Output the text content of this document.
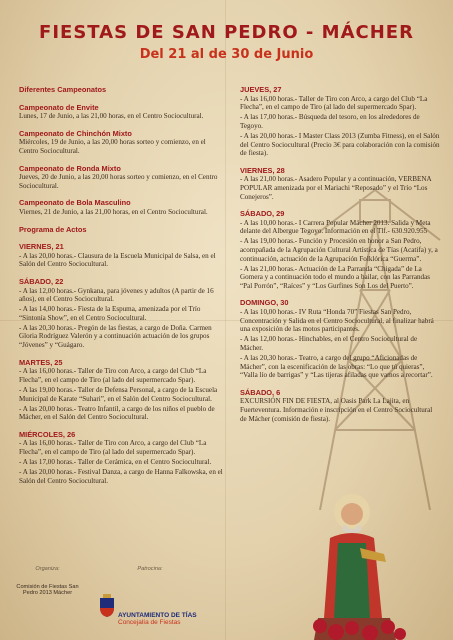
FIESTAS DE SAN PEDRO - MÁCHER
Del 21 al de 30 de Junio
Diferentes Campeonatos
Campeonato de Envite

Lunes, 17 de Junio, a las 21,00 horas, en el Centro Sociocultural.

Campeonato de Chinchón Mixto

Miércoles, 19 de Junio, a las 20,00 horas sorteo y comienzo, en el Centro Sociocultural.

Campeonato de Ronda Mixto

Jueves, 20 de Junio, a las 20,00 horas sorteo y comienzo, en el Centro Sociocultural.

Campeonato de Bola Masculino

Viernes, 21 de Junio, a las 21,00 horas, en el Centro Sociocultural.

Programa de Actos
VIERNES, 21

- A las 20,00 horas.- Clausura de la Escuela Municipal de Salsa, en el Salón del Centro Sociocultural.

SÁBADO, 22

- A las 12,00 horas.- Gynkana, para jóvenes y adultos (A partir de 16 años), en el Centro Sociocultural.

- A las 14,00 horas.- Fiesta de la Espuma, amenizada por el Trío “Sintonía Show”, en el Centro Sociocultural.

- A las 20,30 horas.- Pregón de las fiestas, a cargo de Doña. Carmen Gloria Rodríguez Valerón y a continuación actuación de los grupos “Jóvenes” y “Guágaro.

MARTES, 25

- A las 16,00 horas.- Taller de Tiro con Arco, a cargo del Club “La Flecha”, en el campo de Tiro (al lado del supermercado Spar).

- A las 19,00 horas.- Taller de Defensa Personal, a cargo de la Escuela Municipal de Karate “Suhari”, en el Salón del Centro Sociocultural.

- A las 20,00 horas.- Teatro Infantil, a cargo de los niños el pueblo de Mácher, en el Salón del Centro Sociocultural.

MIÉRCOLES, 26

- A las 16,00 horas.- Taller de Tiro con Arco, a cargo del Club “La Flecha”, en el campo de Tiro (al lado del supermercado Spar).

- A las 17,00 horas.- Taller de Cerámica, en el Centro Sociocultural.

- A las 20,00 horas.- Festival Danza, a cargo de Hanna Falkowska, en el Salón del Centro Sociocultural.

JUEVES, 27

- A las 16,00 horas.- Taller de Tiro con Arco, a cargo del Club “La Flecha”, en el campo de Tiro (al lado del supermercado Spar).

- A las 17,00 horas.- Búsqueda del tesoro, en los alrededores de Tegoyo.

- A las 20,00 horas.- I Master Class 2013 (Zumba Fitness), en el Salón del Centro Sociocultural (Precio 3€ para colaboración con la comisión de fiesta).

VIERNES, 28

- A las 21,00 horas.- Asadero Popular y a continuación, VERBENA POPULAR amenizada por el Mariachi “Reposado” y el Trío “Los Conejeros”.

SÁBADO, 29

- A las 10,00 horas.- I Carrera Popular Mácher 2013. Salida y Meta delante del Albergue Tegoyo. Información en el Tlf.- 630.920.955

- A las 19,00 horas.- Función y Procesión en honor a San Pedro, acompañada de la Agrupación Cultural Artística de Tías (Acatifa) y, a continuación, actuación de la Agrupación Folklórica “Guerma”.

- A las 21,00 horas.- Actuación de La Parranda “Chigada” de La Gomera y a continuación todo el mundo a bailar, con las Parrandas “Pal Porrón”, “Raíces” y “Los Gurfines Son Los del Puerto”.

DOMINGO, 30

- A las 10,00 horas.- IV Ruta “Honda 70” Fiestas San Pedro, Concentración y Salida en el Centro Sociocultural, al finalizar habrá una exposición de las motos participantes.

- A las 12,00 horas.- Hinchables, en el Centro Sociocultural de Mácher.

- A las 20,30 horas.- Teatro, a cargo del grupo “Aficionadas de Mácher”, con la escenificación de las obras: “Lo que tú quieras”, “Valla lío de barrigas” y “Las tijeras afiladas que vamos a recortar”.

SÁBADO, 6

EXCURSIÓN FIN DE FIESTA, al Oasis Park La Lajita, en Fuerteventura. Información e inscripción en el Centro Sociocultural de Mácher (comisión de fiesta).

Organiza:
Comisión de Fiestas San Pedro 2013 Mácher
Patrocina:
AYUNTAMIENTO DE TÍAS
Concejalía de Fiestas
